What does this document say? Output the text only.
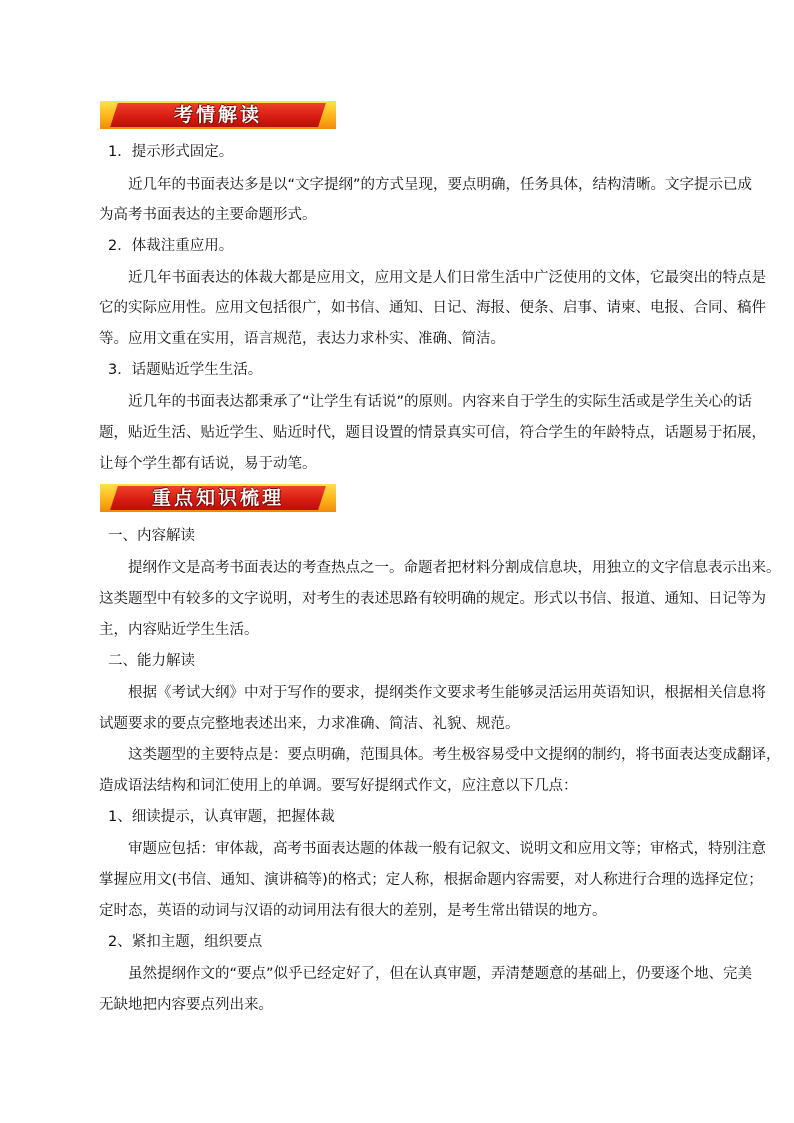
考情解读
1．提示形式固定。
近几年的书面表达多是以“文字提纲”的方式呈现，要点明确，任务具体，结构清晰。文字提示已成
为高考书面表达的主要命题形式。
2．体裁注重应用。
近几年书面表达的体裁大都是应用文，应用文是人们日常生活中广泛使用的文体，它最突出的特点是
它的实际应用性。应用文包括很广，如书信、通知、日记、海报、便条、启事、请柬、电报、合同、稿件
等。应用文重在实用，语言规范，表达力求朴实、准确、简洁。
3．话题贴近学生生活。
近几年的书面表达都秉承了“让学生有话说”的原则。内容来自于学生的实际生活或是学生关心的话
题，贴近生活、贴近学生、贴近时代，题目设置的情景真实可信，符合学生的年龄特点，话题易于拓展，
让每个学生都有话说，易于动笔。
重点知识梳理
一、内容解读
提纲作文是高考书面表达的考查热点之一。命题者把材料分割成信息块，用独立的文字信息表示出来。
这类题型中有较多的文字说明，对考生的表述思路有较明确的规定。形式以书信、报道、通知、日记等为
主，内容贴近学生生活。
二、能力解读
根据《考试大纲》中对于写作的要求，提纲类作文要求考生能够灵活运用英语知识，根据相关信息将
试题要求的要点完整地表述出来，力求准确、简洁、礼貌、规范。
这类题型的主要特点是：要点明确，范围具体。考生极容易受中文提纲的制约，将书面表达变成翻译，
造成语法结构和词汇使用上的单调。要写好提纲式作文，应注意以下几点：
1、细读提示，认真审题，把握体裁
审题应包括：审体裁，高考书面表达题的体裁一般有记叙文、说明文和应用文等；审格式，特别注意
掌握应用文(书信、通知、演讲稿等)的格式；定人称，根据命题内容需要，对人称进行合理的选择定位；
定时态，英语的动词与汉语的动词用法有很大的差别，是考生常出错误的地方。
2、紧扣主题，组织要点
虽然提纲作文的“要点”似乎已经定好了，但在认真审题，弄清楚题意的基础上，仍要逐个地、完美
无缺地把内容要点列出来。
